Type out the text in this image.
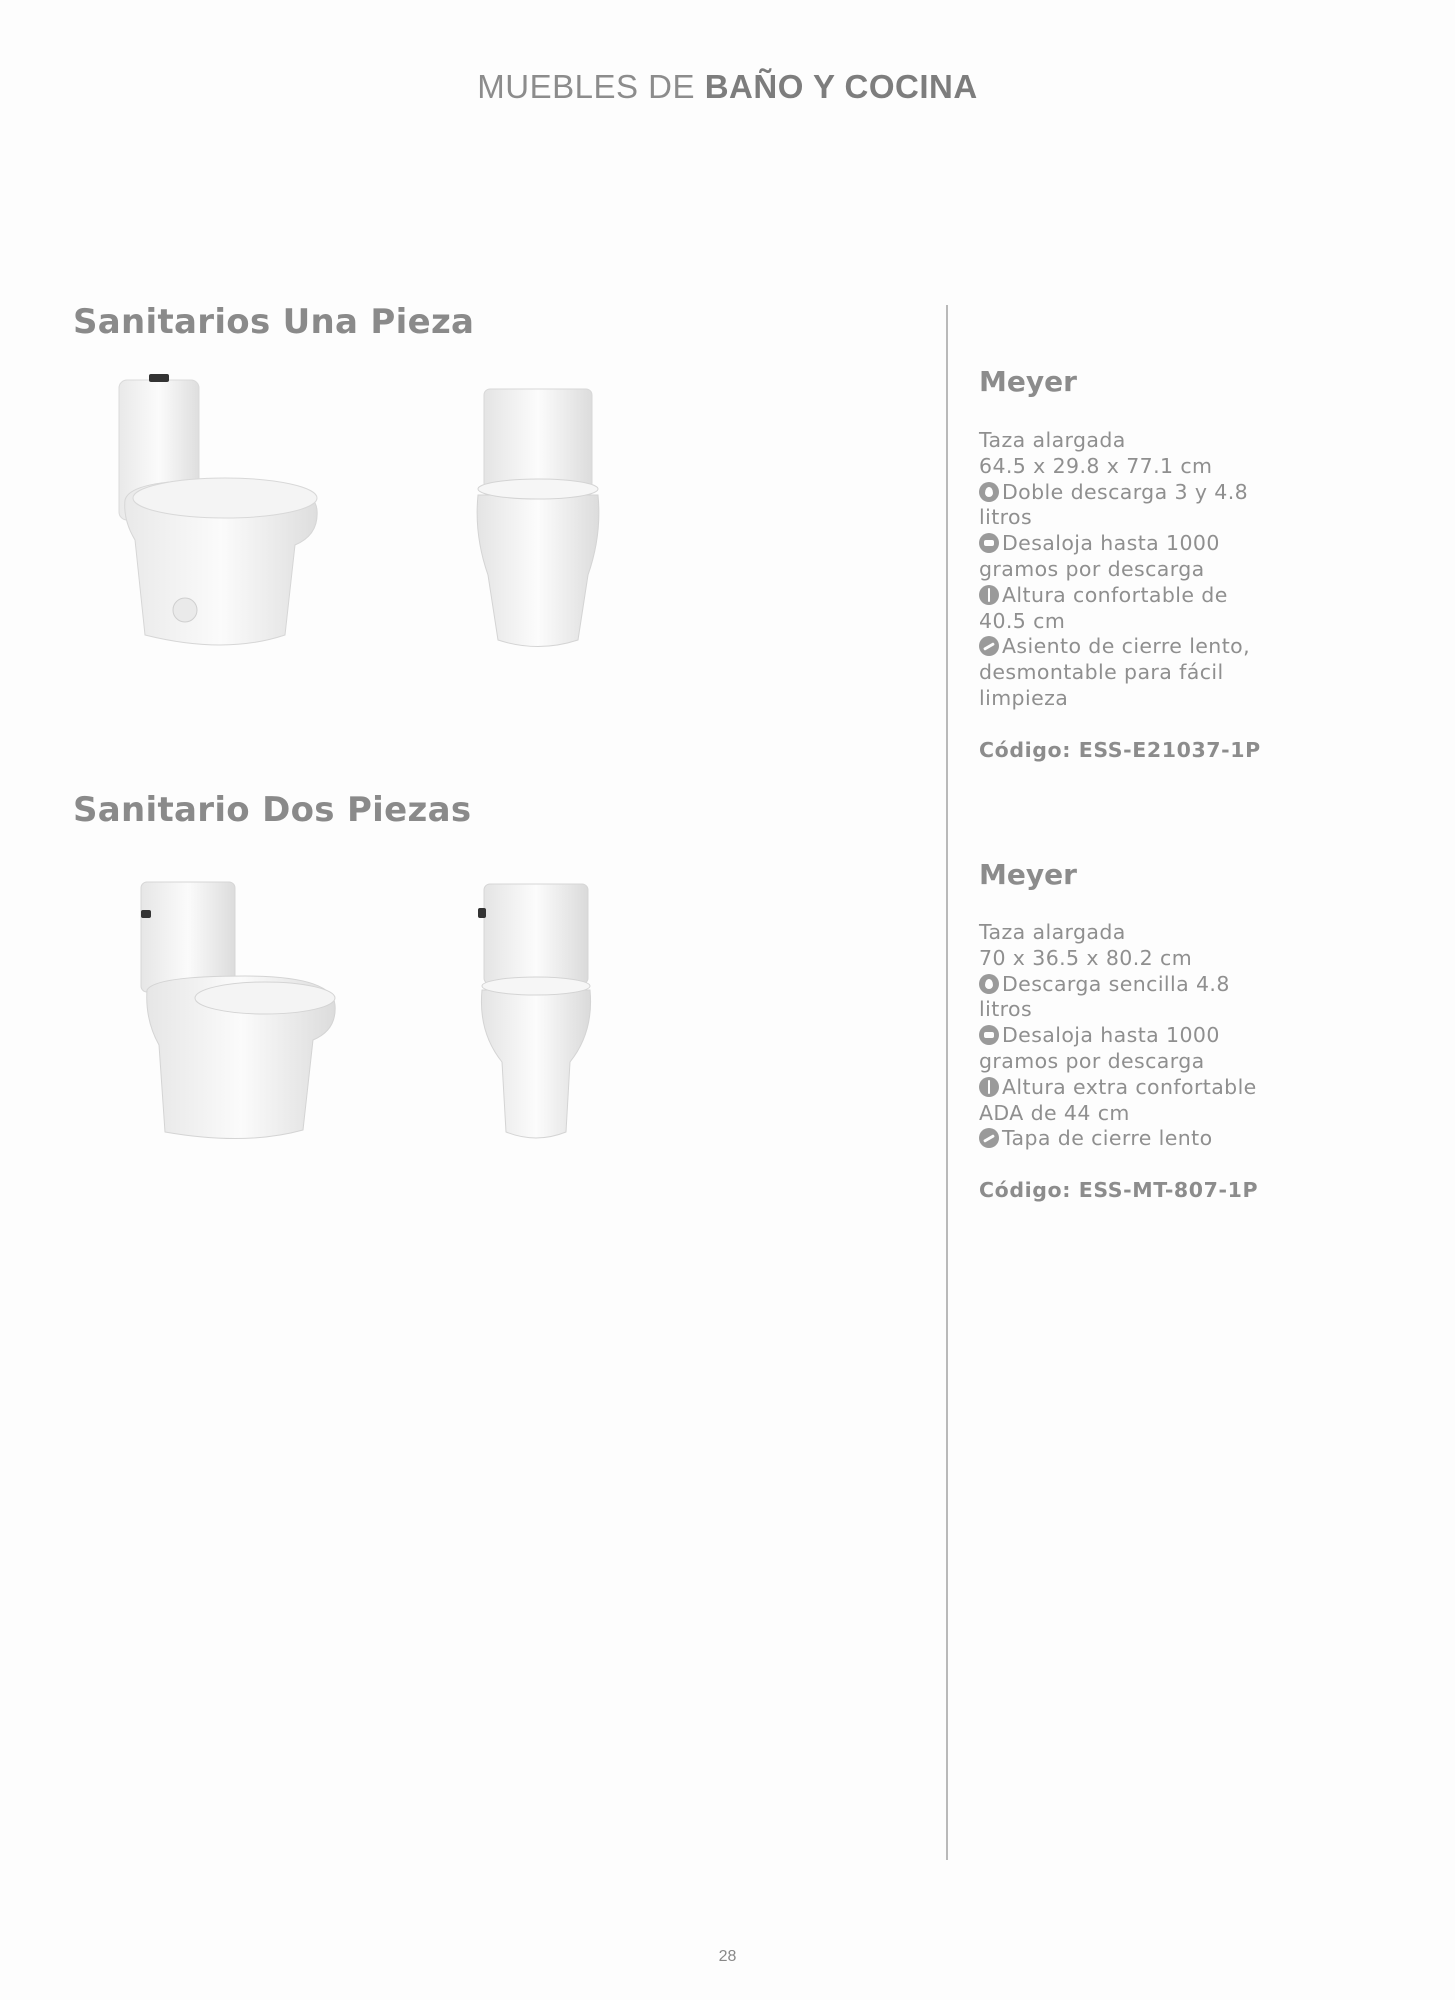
MUEBLES DE BAÑO Y COCINA
Sanitarios Una Pieza
Sanitario Dos Piezas
Meyer

Taza alargada

64.5 x 29.8 x 77.1 cm

Doble descarga 3 y 4.8

litros

Desaloja hasta 1000

gramos por descarga

Altura confortable de

40.5 cm

Asiento de cierre lento,

desmontable para fácil

limpieza

Código: ESS-E21037-1P
Meyer

Taza alargada

70 x 36.5 x 80.2 cm

Descarga sencilla 4.8

litros

Desaloja hasta 1000

gramos por descarga

Altura extra confortable

ADA de 44 cm

Tapa de cierre lento

Código: ESS-MT-807-1P
28
